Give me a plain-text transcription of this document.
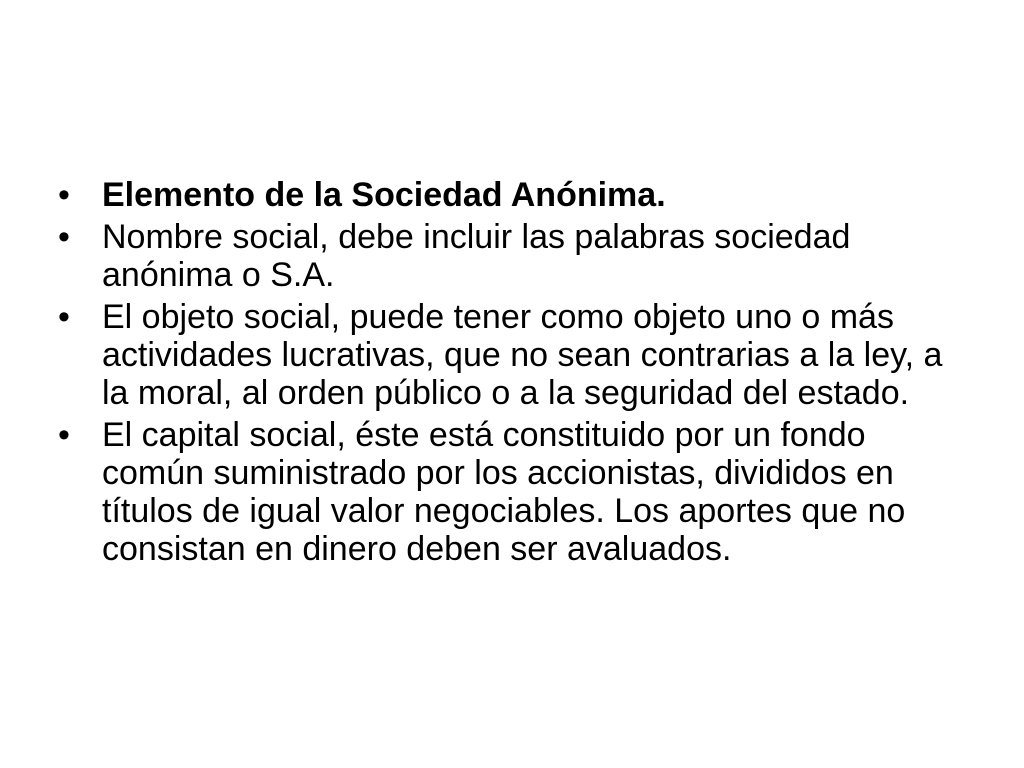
• Elemento de la Sociedad Anónima.
• Nombre social, debe incluir las palabras sociedad anónima o S.A.
• El objeto social, puede tener como objeto uno o más actividades lucrativas, que no sean contrarias a la ley, a la moral, al orden público o a la seguridad del estado.
• El capital social, éste está constituido por un fondo común suministrado por los accionistas, divididos en títulos de igual valor negociables. Los aportes que no consistan en dinero deben ser avaluados.
